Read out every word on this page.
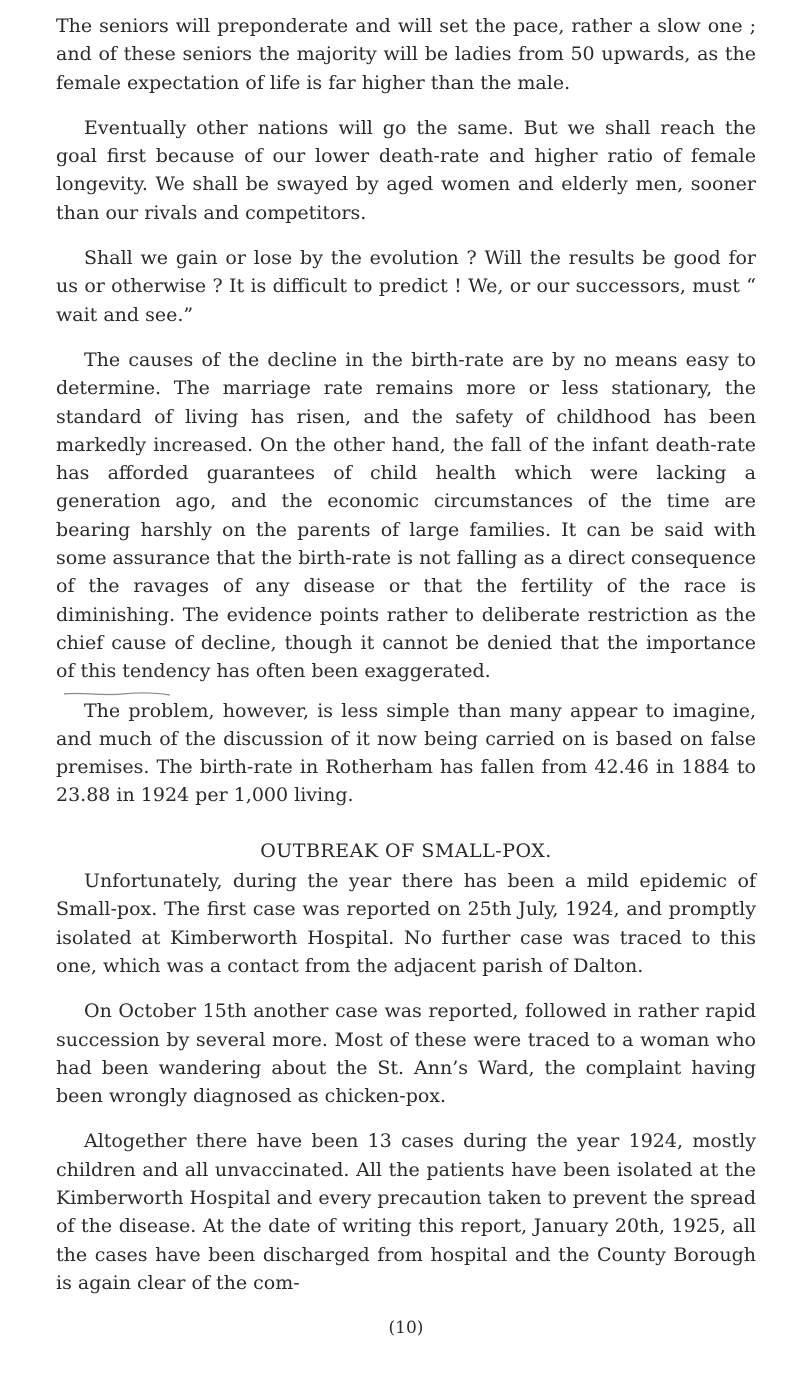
The seniors will preponderate and will set the pace, rather a slow one ; and of these seniors the majority will be ladies from 50 upwards, as the female expectation of life is far higher than the male.

Eventually other nations will go the same. But we shall reach the goal first because of our lower death-rate and higher ratio of female longevity. We shall be swayed by aged women and elderly men, sooner than our rivals and competitors.

Shall we gain or lose by the evolution ? Will the results be good for us or otherwise ? It is difficult to predict ! We, or our successors, must “ wait and see.”

The causes of the decline in the birth-rate are by no means easy to determine. The marriage rate remains more or less stationary, the standard of living has risen, and the safety of childhood has been markedly increased. On the other hand, the fall of the infant death-rate has afforded guarantees of child health which were lacking a generation ago, and the economic circumstances of the time are bearing harshly on the parents of large families. It can be said with some assurance that the birth-rate is not falling as a direct consequence of the ravages of any disease or that the fertility of the race is diminishing. The evidence points rather to deliberate restriction as the chief cause of decline, though it cannot be denied that the importance of this tendency has often been exaggerated.

The problem, however, is less simple than many appear to imagine, and much of the discussion of it now being carried on is based on false premises. The birth-rate in Rotherham has fallen from 42.46 in 1884 to 23.88 in 1924 per 1,000 living.

OUTBREAK OF SMALL-POX.

Unfortunately, during the year there has been a mild epidemic of Small-pox. The first case was reported on 25th July, 1924, and promptly isolated at Kimberworth Hospital. No further case was traced to this one, which was a contact from the adjacent parish of Dalton.

On October 15th another case was reported, followed in rather rapid succession by several more. Most of these were traced to a woman who had been wandering about the St. Ann’s Ward, the complaint having been wrongly diagnosed as chicken-pox.

Altogether there have been 13 cases during the year 1924, mostly children and all unvaccinated. All the patients have been isolated at the Kimberworth Hospital and every precaution taken to prevent the spread of the disease. At the date of writing this report, January 20th, 1925, all the cases have been discharged from hospital and the County Borough is again clear of the com-

(10)
